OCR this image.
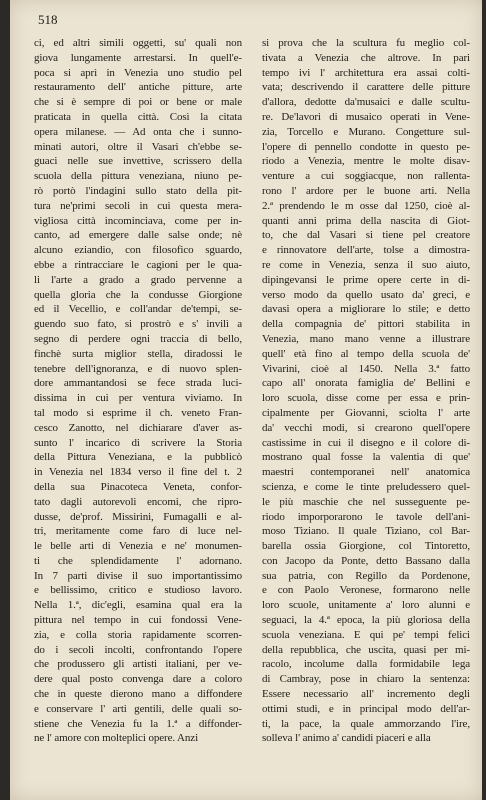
518

ci, ed altri simili oggetti, su' quali non
giova lungamente arrestarsi. In quell'e-
poca si aprì in Venezia uno studio pel
restauramento dell' antiche pitture, arte
che si è sempre di poi or bene or male
praticata in quella città. Così la citata
opera milanese. — Ad onta che i sunno-
minati autori, oltre il Vasari ch'ebbe se-
guaci nelle sue invettive, scrissero della
scuola della pittura veneziana, niuno pe-
rò portò l'indagini sullo stato della pit-
tura ne'primi secoli in cui questa mera-
vigliosa città incominciava, come per in-
canto, ad emergere dalle salse onde; nè
alcuno eziandio, con filosofico sguardo,
ebbe a rintracciare le cagioni per le qua-
li l'arte a grado a grado pervenne a
quella gloria che la condusse Giorgione
ed il Vecellio, e coll'andar de'tempi, se-
guendo suo fato, si prostrò e s' invilì a
segno di perdere ogni traccia di bello,
finchè surta miglior stella, diradossi le
tenebre dell'ignoranza, e di nuovo splen-
dore ammantandosi se fece strada luci-
dissima in cui per ventura viviamo. In
tal modo si esprime il ch. veneto Fran-
cesco Zanotto, nel dichiarare d'aver as-
sunto l' incarico di scrivere la Storia
della Pittura Veneziana, e la pubblicò
in Venezia nel 1834 verso il fine del t. 2
della sua Pinacoteca Veneta, confor-
tato dagli autorevoli encomi, che ripro-
dusse, de'prof. Missirini, Fumagalli e al-
tri, meritamente come faro di luce nel-
le belle arti di Venezia e ne' monumen-
ti che splendidamente l' adornano.
In 7 parti divise il suo importantissimo
e bellissimo, critico e studioso lavoro.
Nella 1.ª, dic'egli, esamina qual era la
pittura nel tempo in cui fondossi Vene-
zia, e colla storia rapidamente scorren-
do i secoli incolti, confrontando l'opere
che produssero gli artisti italiani, per ve-
dere qual posto convenga dare a coloro
che in queste dierono mano a diffondere
e conservare l' arti gentili, delle quali so-
stiene che Venezia fu la 1.ª a diffonder-
ne l' amore con molteplici opere. Anzi
si prova che la scultura fu meglio col-
tivata a Venezia che altrove. In pari
tempo ivi l' architettura era assai colti-
vata; descrivendo il carattere delle pitture
d'allora, dedotte da'musaici e dalle scultu-
re. De'lavori di musaico operati in Vene-
zia, Torcello e Murano. Congetture sul-
l'opere di pennello condotte in questo pe-
riodo a Venezia, mentre le molte disav-
venture a cui soggiacque, non rallenta-
rono l' ardore per le buone arti. Nella
2.ª prendendo le m osse dal 1250, cioè al-
quanti anni prima della nascita di Giot-
to, che dal Vasari si tiene pel creatore
e rinnovatore dell'arte, tolse a dimostra-
re come in Venezia, senza il suo aiuto,
dipingevansi le prime opere certe in di-
verso modo da quello usato da' greci, e
davasi opera a migliorare lo stile; e detto
della compagnia de' pittori stabilita in
Venezia, mano mano venne a illustrare
quell' età fino al tempo della scuola de'
Vivarini, cioè al 1450. Nella 3.ª fatto
capo all' onorata famiglia de' Bellini e
loro scuola, disse come per essa e prin-
cipalmente per Giovanni, sciolta l' arte
da' vecchi modi, si crearono quell'opere
castissime in cui il disegno e il colore di-
mostrano qual fosse la valentia di que'
maestri contemporanei nell' anatomica
scienza, e come le tinte preludessero quel-
le più maschie che nel susseguente pe-
riodo imporporarono le tavole dell'ani-
moso Tiziano. Il quale Tiziano, col Bar-
barella ossia Giorgione, col Tintoretto,
con Jacopo da Ponte, detto Bassano dalla
sua patria, con Regillo da Pordenone,
e con Paolo Veronese, formarono nelle
loro scuole, unitamente a' loro alunni e
seguaci, la 4.ª epoca, la più gloriosa della
scuola veneziana. E qui pe' tempi felici
della repubblica, che uscita, quasi per mi-
racolo, incolume dalla formidabile lega
di Cambray, pose in chiaro la sentenza:
Essere necessario all' incremento degli
ottimi studi, e in principal modo dell'ar-
ti, la pace, la quale ammorzando l'ire,
solleva l' animo a' candidi piaceri e alla
